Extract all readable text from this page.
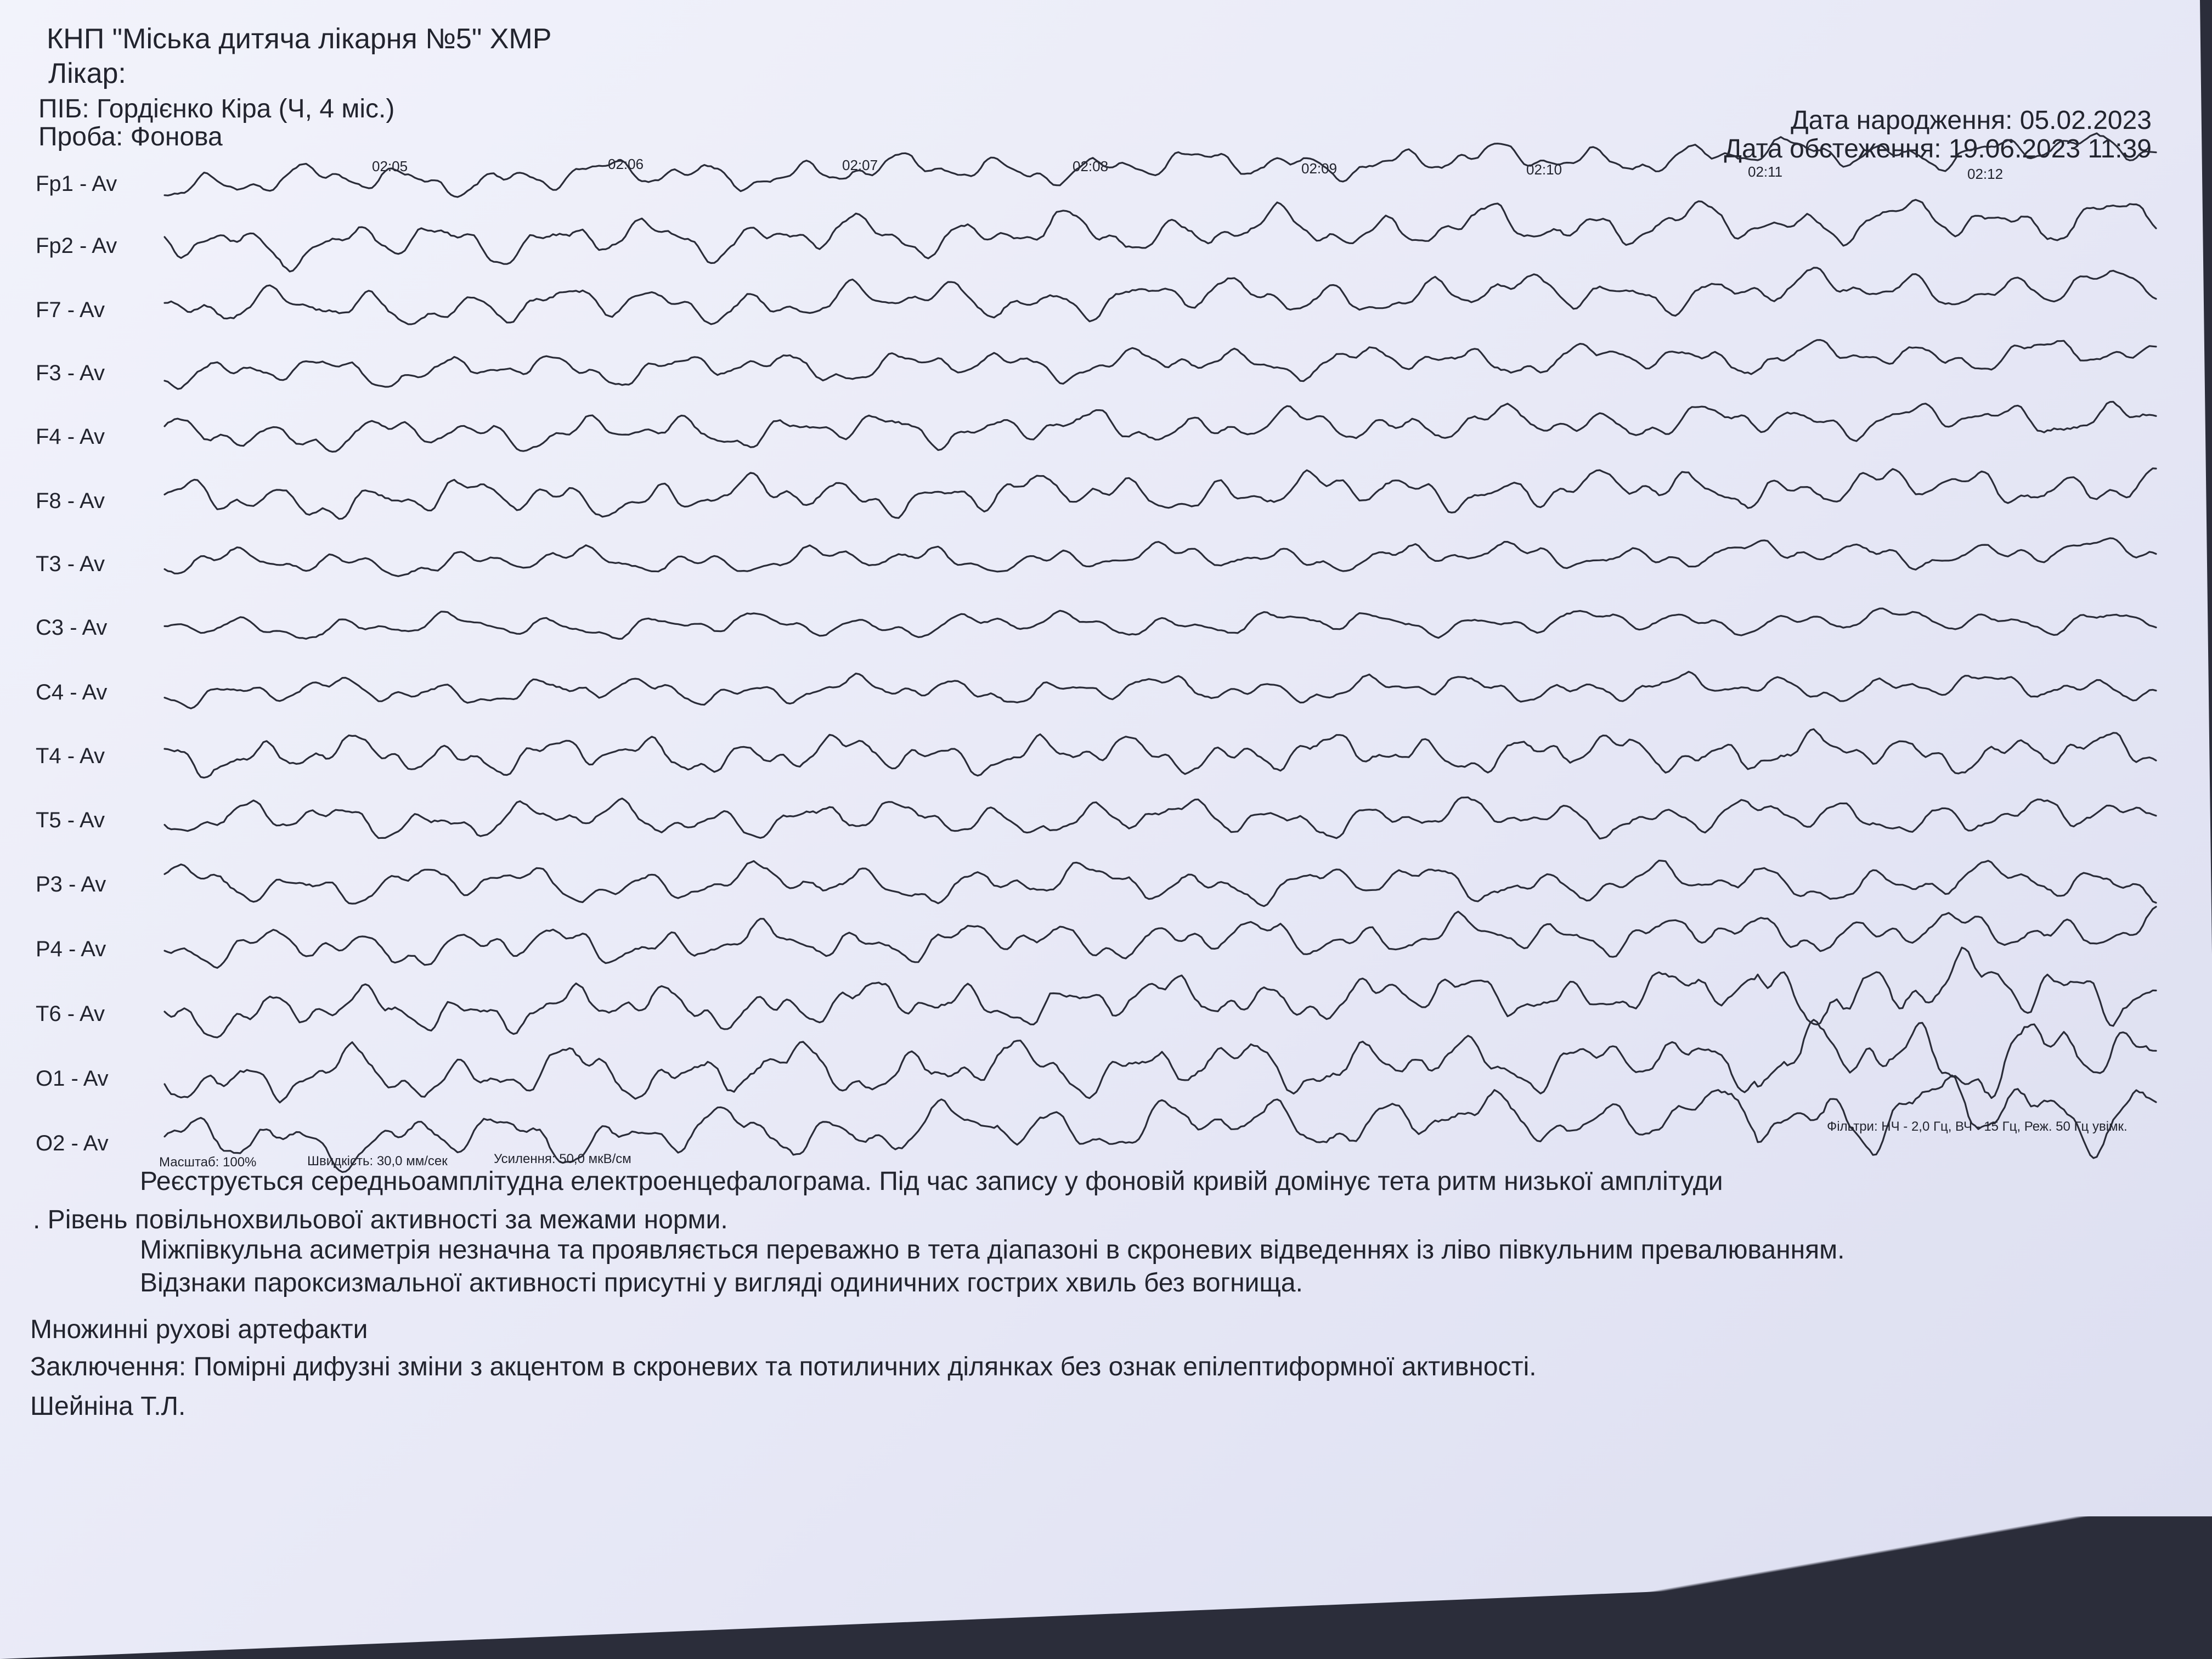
КНП "Міська дитяча лікарня №5" ХМР
Лікар:
ПІБ: Гордієнко Кіра (Ч, 4 міс.)
Проба: Фонова
Дата народження: 05.02.2023
Дата обстеження: 19.06.2023 11:39
02:05	02:06	02:07	02:08	02:09	02:10	02:11	02:12
Fp1 - Av
Fp2 - Av
F7 - Av
F3 - Av
F4 - Av
F8 - Av
T3 - Av
C3 - Av
C4 - Av
T4 - Av
T5 - Av
P3 - Av
P4 - Av
T6 - Av
O1 - Av
O2 - Av
Масштаб: 100%	Швидкість: 30,0 мм/сек	Усилення: 50,0 мкВ/см
Фільтри: НЧ - 2,0 Гц, ВЧ - 15 Гц, Реж. 50 Гц увімк.
Реєструється середньоамплітудна електроенцефалограма. Під час запису у фоновій кривій домінує тета ритм низької амплітуди
. Рівень повільнохвильової активності за межами норми.
Міжпівкульна асиметрія незначна та проявляється переважно в тета діапазоні в скроневих відведеннях із ліво півкульним превалюванням.
Відзнаки пароксизмальної активності присутні у вигляді одиничних гострих хвиль без вогнища.
Множинні рухові артефакти
Заключення: Помірні дифузні зміни з акцентом в скроневих та потиличних ділянках без ознак епілептиформної активності.
Шейніна Т.Л.
